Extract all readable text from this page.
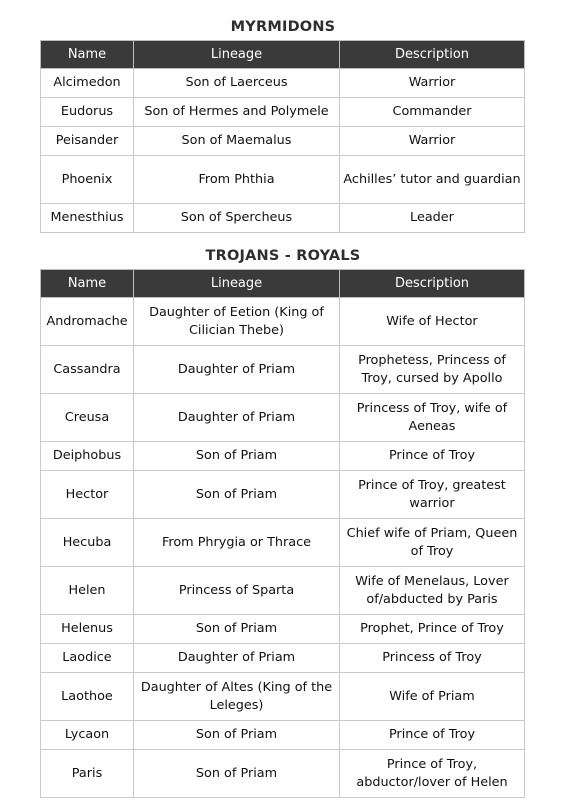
MYRMIDONS
Name	Lineage	Description
Alcimedon	Son of Laerceus	Warrior
Eudorus	Son of Hermes and Polymele	Commander
Peisander	Son of Maemalus	Warrior
Phoenix	From Phthia	Achilles’ tutor and guardian
Menesthius	Son of Spercheus	Leader
TROJANS - ROYALS
Name	Lineage	Description
Andromache	Daughter of Eetion (King of Cilician Thebe)	Wife of Hector
Cassandra	Daughter of Priam	Prophetess, Princess of Troy, cursed by Apollo
Creusa	Daughter of Priam	Princess of Troy, wife of Aeneas
Deiphobus	Son of Priam	Prince of Troy
Hector	Son of Priam	Prince of Troy, greatest warrior
Hecuba	From Phrygia or Thrace	Chief wife of Priam, Queen of Troy
Helen	Princess of Sparta	Wife of Menelaus, Lover of/abducted by Paris
Helenus	Son of Priam	Prophet, Prince of Troy
Laodice	Daughter of Priam	Princess of Troy
Laothoe	Daughter of Altes (King of the Leleges)	Wife of Priam
Lycaon	Son of Priam	Prince of Troy
Paris	Son of Priam	Prince of Troy, abductor/lover of Helen
